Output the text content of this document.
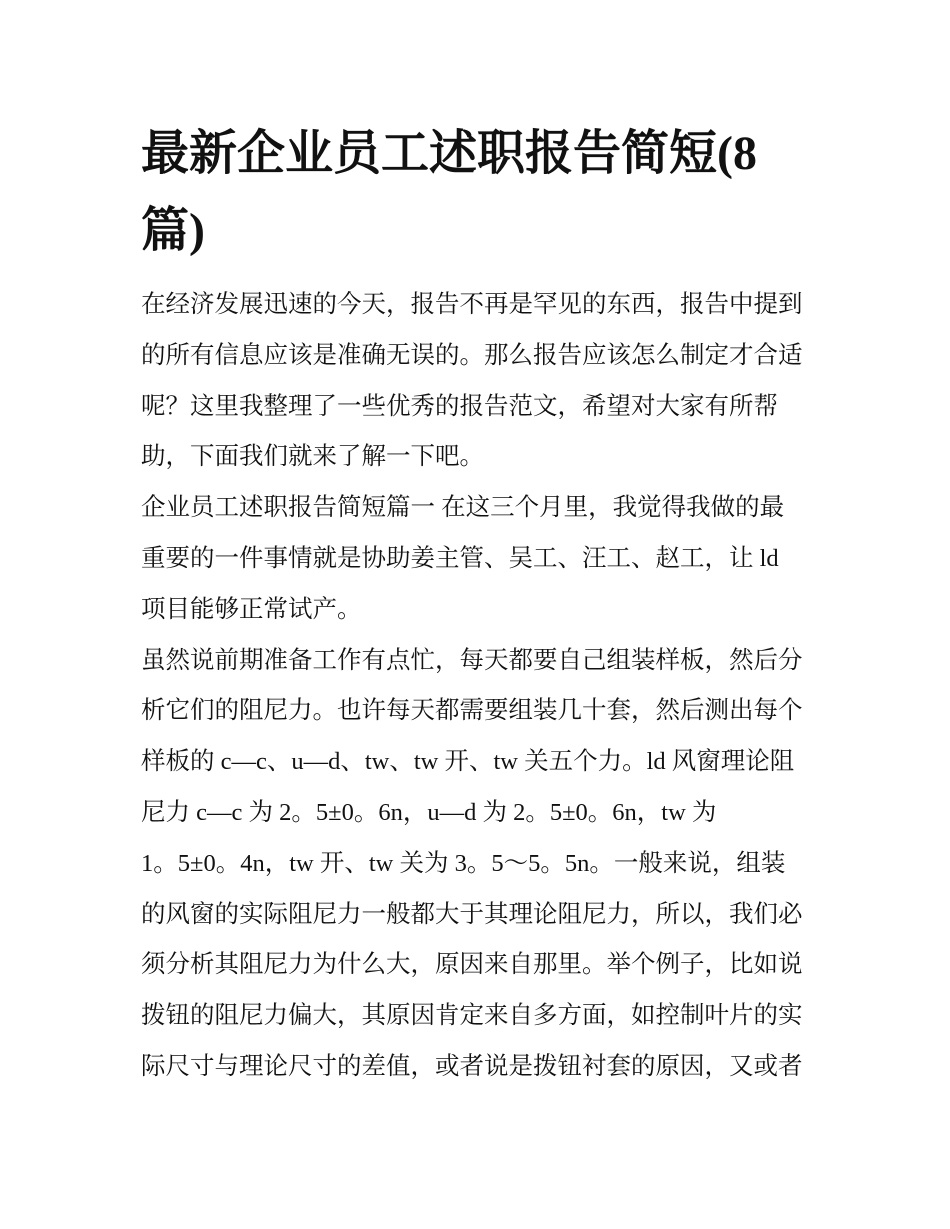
最新企业员工述职报告简短(8
篇)
在经济发展迅速的今天，报告不再是罕见的东西，报告中提到
的所有信息应该是准确无误的。那么报告应该怎么制定才合适
呢？这里我整理了一些优秀的报告范文，希望对大家有所帮
助，下面我们就来了解一下吧。
企业员工述职报告简短篇一 在这三个月里，我觉得我做的最
重要的一件事情就是协助姜主管、吴工、汪工、赵工，让 ld
项目能够正常试产。
虽然说前期准备工作有点忙，每天都要自己组装样板，然后分
析它们的阻尼力。也许每天都需要组装几十套，然后测出每个
样板的 c—c、u—d、tw、tw 开、tw 关五个力。ld 风窗理论阻
尼力 c—c 为 2。5±0。6n，u—d 为 2。5±0。6n，tw 为
1。5±0。4n，tw 开、tw 关为 3。5～5。5n。一般来说，组装
的风窗的实际阻尼力一般都大于其理论阻尼力，所以，我们必
须分析其阻尼力为什么大，原因来自那里。举个例子，比如说
拨钮的阻尼力偏大，其原因肯定来自多方面，如控制叶片的实
际尺寸与理论尺寸的差值，或者说是拨钮衬套的原因，又或者
